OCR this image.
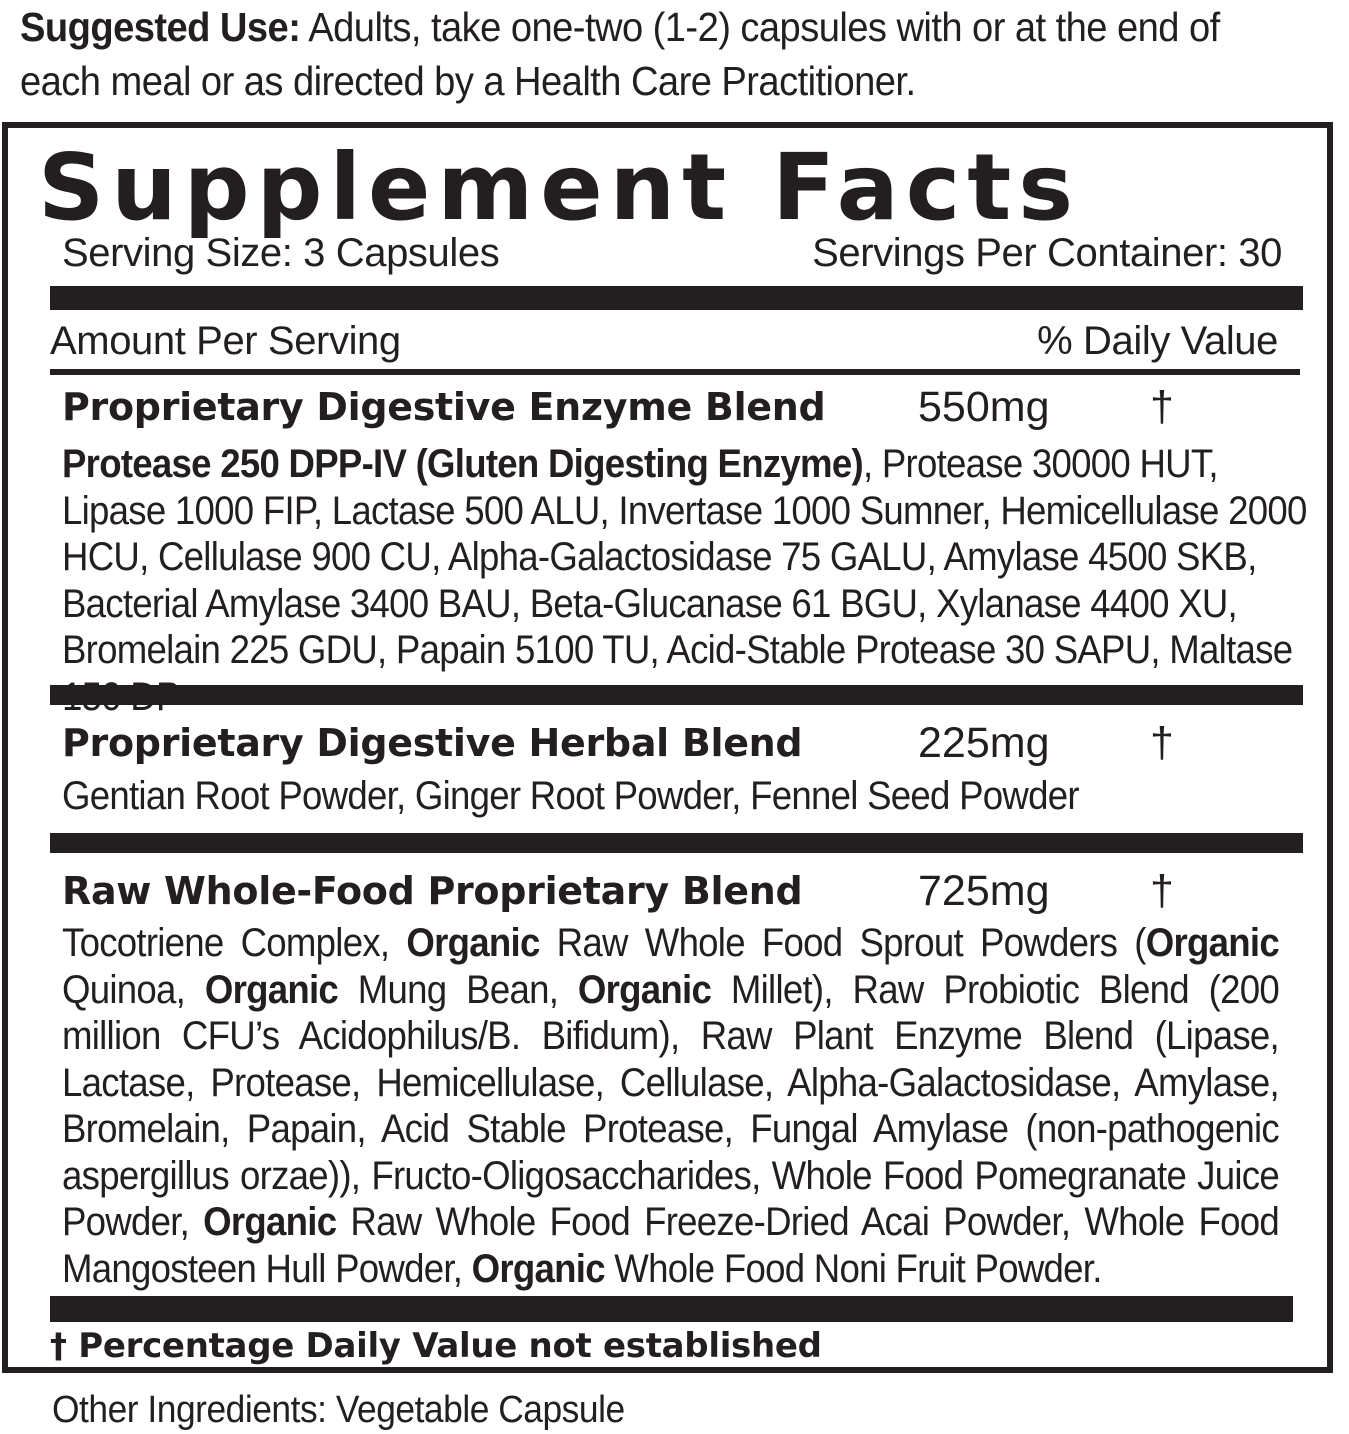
Suggested Use: Adults, take one-two (1-2) capsules with or at the end of each meal or as directed by a Health Care Practitioner.
Supplement Facts
Serving Size: 3 Capsules	Servings Per Container: 30
Amount Per Serving	% Daily Value
Proprietary Digestive Enzyme Blend 550mg †
Protease 250 DPP-IV (Gluten Digesting Enzyme), Protease 30000 HUT, Lipase 1000 FIP, Lactase 500 ALU, Invertase 1000 Sumner, Hemicellulase 2000 HCU, Cellulase 900 CU, Alpha-Galactosidase 75 GALU, Amylase 4500 SKB, Bacterial Amylase 3400 BAU, Beta-Glucanase 61 BGU, Xylanase 4400 XU, Bromelain 225 GDU, Papain 5100 TU, Acid-Stable Protease 30 SAPU, Maltase
Proprietary Digestive Herbal Blend	225mg †
Gentian Root Powder, Ginger Root Powder, Fennel Seed Powder
Raw Whole-Food Proprietary Blend	725mg †
Tocotriene Complex, Organic Raw Whole Food Sprout Powders (Organic Quinoa, Organic Mung Bean, Organic Millet), Raw Probiotic Blend (200 million CFU’s Acidophilus/B. Bifidum), Raw Plant Enzyme Blend (Lipase, Lactase, Protease, Hemicellulase, Cellulase, Alpha-Galactosidase, Amylase, Bromelain, Papain, Acid Stable Protease, Fungal Amylase (non-pathogenic aspergillus orzae)), Fructo-Oligosaccharides, Whole Food Pomegranate Juice Powder, Organic Raw Whole Food Freeze-Dried Acai Powder, Whole Food Mangosteen Hull Powder, Organic Whole Food Noni Fruit Powder.
† Percentage Daily Value not established
Other Ingredients: Vegetable Capsule
